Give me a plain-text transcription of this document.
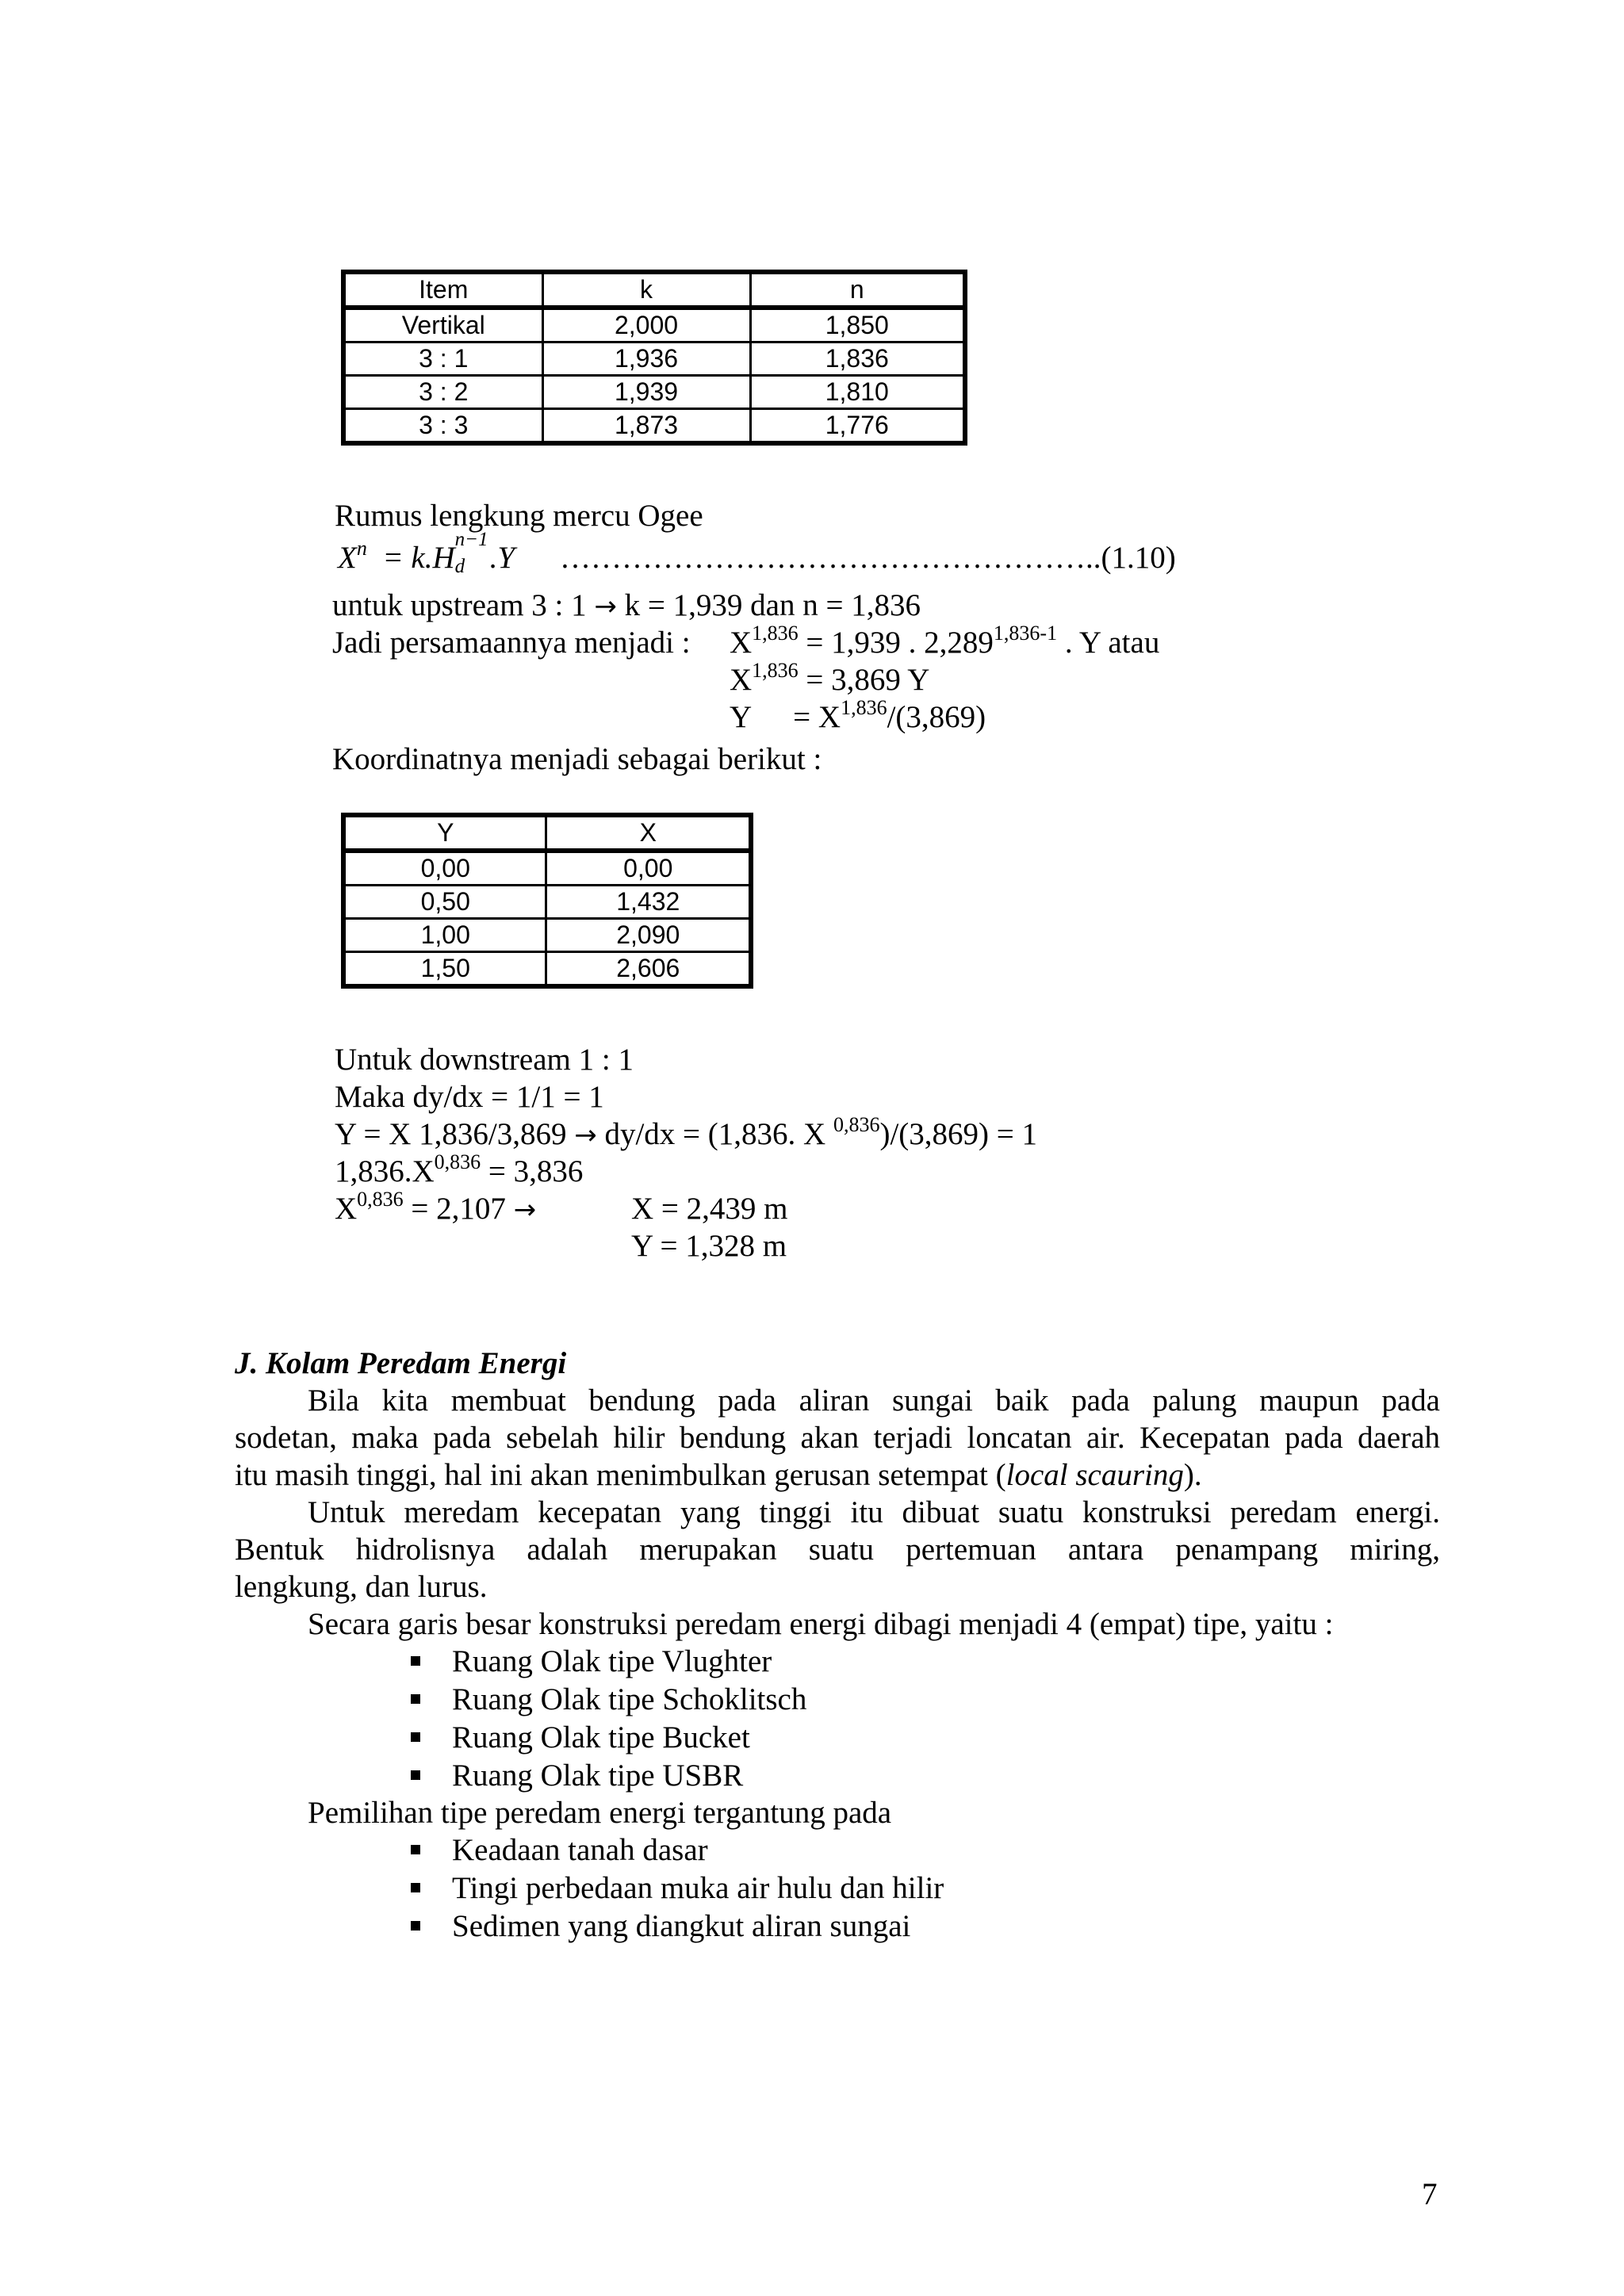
Item	k	n
Vertikal	2,000	1,850
3 : 1	1,936	1,836
3 : 2	1,939	1,810
3 : 3	1,873	1,776
Rumus lengkung mercu Ogee
$X^n = k.H$
n−1
d .Y ……………………………………………..(1.10)
untuk upstream 3 : 1 → k = 1,939 dan n = 1,836
Jadi persamaannya menjadi : X$^{1,836}$ = 1,939 . 2,289$^{1,836-1}$ . Y atau
X$^{1,836}$ = 3,869 Y
Y = X$^{1,836}$/(3,869)
Koordinatnya menjadi sebagai berikut :
Y	X
0,00	0,00
0,50	1,432
1,00	2,090
1,50	2,606
Untuk downstream 1 : 1
Maka dy/dx = 1/1 = 1
Y = X 1,836/3,869 → dy/dx = (1,836. X $^{0,836}$)/(3,869) = 1
$1,836.X^{0,836} = 3,836$
X$^{0,836}$ = 2,107 →	X = 2,439 m
Y = 1,328 m
J. Kolam Peredam Energi
Bila kita membuat bendung pada aliran sungai baik pada palung maupun pada
sodetan, maka pada sebelah hilir bendung akan terjadi loncatan air. Kecepatan pada daerah
itu masih tinggi, hal ini akan menimbulkan gerusan setempat (local scauring).
Untuk meredam kecepatan yang tinggi itu dibuat suatu konstruksi peredam energi.
Bentuk hidrolisnya adalah merupakan suatu pertemuan antara penampang miring,
lengkung, dan lurus.
Secara garis besar konstruksi peredam energi dibagi menjadi 4 (empat) tipe, yaitu :
Ruang Olak tipe Vlughter
Ruang Olak tipe Schoklitsch
Ruang Olak tipe Bucket
Ruang Olak tipe USBR
Pemilihan tipe peredam energi tergantung pada
Keadaan tanah dasar
Tingi perbedaan muka air hulu dan hilir
Sedimen yang diangkut aliran sungai
7
